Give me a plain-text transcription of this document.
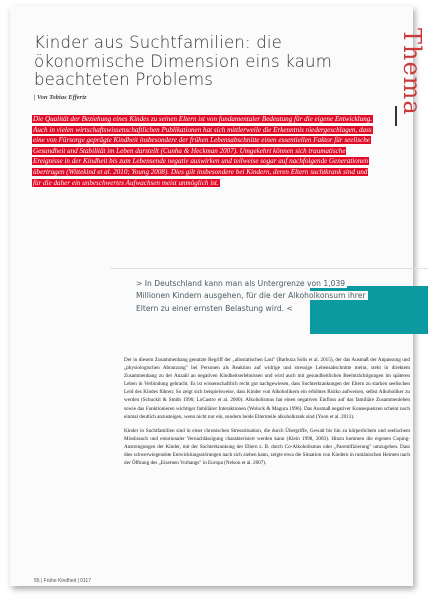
Thema
Kinder aus Suchtfamilien: die ökonomische Dimension eins kaum beachteten Problems
| Von Tobias Effertz
Die Qualität der Beziehung eines Kindes zu seinen Eltern ist von fundamentaler Bedeutung für die eigene Entwicklung. Auch in vielen wirtschaftswissenschaftlichen Publikationen hat sich mittlerweile die Erkenntnis niedergeschlagen, dass eine von Fürsorge geprägte Kindheit insbesondere der frühen Lebensabschnitte einen essentiellen Faktor für seelische Gesundheit und Stabilität im Leben darstellt (Cunha & Heckman 2007). Umgekehrt können sich traumatische Ereignisse in der Kindheit bis zum Lebensende negativ auswirken und teilweise sogar auf nachfolgende Generationen übertragen (Wittekind et al. 2010; Young 2008). Dies gilt insbesondere bei Kindern, deren Eltern suchtkrank sind und für die daher ein unbeschwertes Aufwachsen meist unmöglich ist.
> In Deutschland kann man als Untergrenze von 1,039 Millionen Kindern ausgehen, für die der Alkoholkonsum ihrer Eltern zu einer ernsten Belastung wird. <

Der in diesem Zusammenhang genutzte Begriff der „allostatischen Last" (Barboza Solis et al. 2015), der das Ausmaß der Anpassung und „physiologischen Abnutzung" bei Personen als Reaktion auf widrige und stressige Lebensabschnitte meint, steht in direktem Zusammenhang zu der Anzahl an negativen Kindheitserlebnissen und wird auch mit gesundheitlichen Beeinträchtigungen im späteren Leben in Verbindung gebracht. Es ist wissenschaftlich recht gut nachgewiesen, dass Suchterkrankungen der Eltern zu starken seelischen Leid des Kindes führen: So zeigt sich beispielsweise, dass Kinder von Alkoholikern ein erhöhtes Risiko aufweisen, selbst Alkoholiker zu werden (Schuckit & Smith 1996; LoCastro et al. 2000). Alkoholismus hat einen negativen Einfluss auf das familiäre Zusammenleben sowie das Funktionieren wichtiger familiärer Interaktionen (Wolock & Magura 1996). Das Ausmaß negativer Konsequenzen scheint noch einmal deutlich anzusteigen, wenn nicht nur ein, sondern beide Elternteile alkoholkrank sind (Yoon et al. 2013).

Kinder in Suchtfamilien sind in einer chronischen Stresssituation, die durch Übergriffe, Gewalt bis hin zu körperlichem und seelischem Missbrauch und emotionaler Vernachlässigung charakterisiert werden kann (Klein 1998, 2003). Hinzu kommen die eigenen Coping-Anstrengungen der Kinder, mit der Suchterkrankung der Eltern z. B. durch Co-Alkoholismus oder „Parentifizierung" umzugehen. Dass dies schwerwiegendste Entwicklungsstörungen nach sich ziehen kann, zeigte etwa die Situation von Kindern in rumänischen Heimen nach der Öffnung des „Eisernen Vorhangs" in Europa (Nelson et al. 2007).

55 | Frühe Kindheit | 0117
